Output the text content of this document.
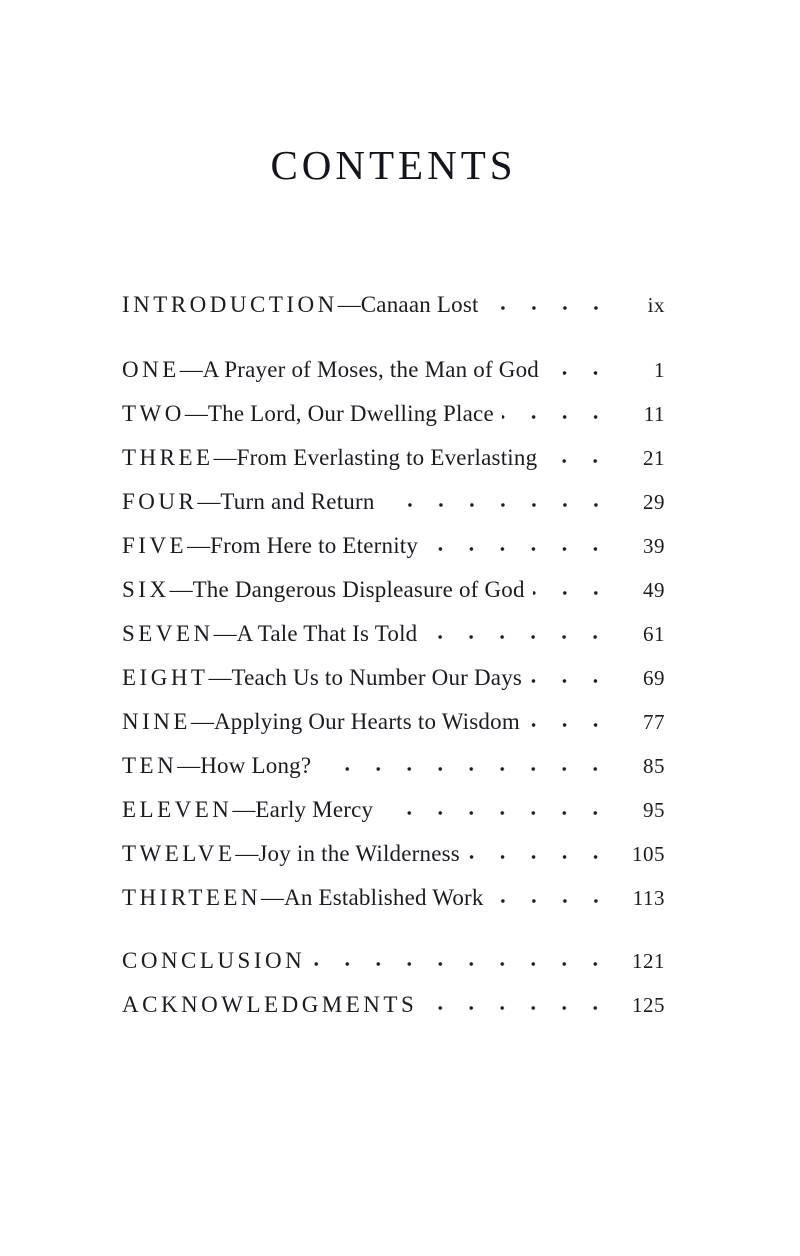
CONTENTS
INTRODUCTION — Canaan Lost	ix
ONE — A Prayer of Moses, the Man of God	1
TWO — The Lord, Our Dwelling Place	11
THREE — From Everlasting to Everlasting	21
FOUR — Turn and Return	29
FIVE — From Here to Eternity	39
SIX — The Dangerous Displeasure of God	49
SEVEN — A Tale That Is Told	61
EIGHT — Teach Us to Number Our Days	69
NINE — Applying Our Hearts to Wisdom	77
TEN — How Long?	85
ELEVEN — Early Mercy	95
TWELVE — Joy in the Wilderness	105
THIRTEEN — An Established Work	113
CONCLUSION	121
ACKNOWLEDGMENTS	125
